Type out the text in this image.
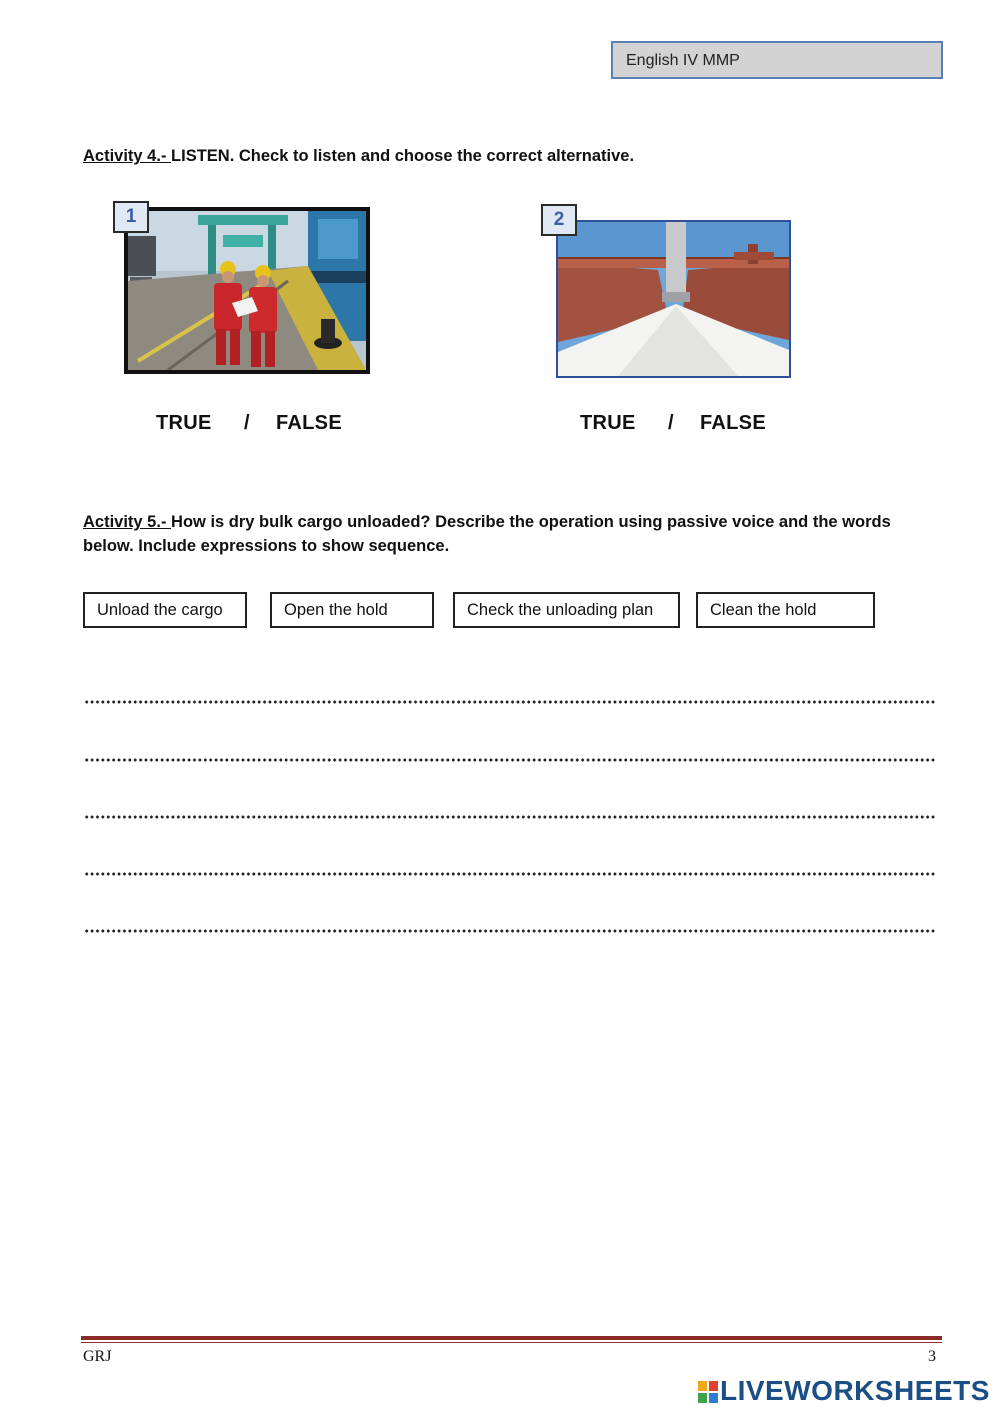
English IV MMP
Activity 4.- LISTEN. Check to listen and choose the correct alternative.
1	2
TRUE / FALSE	TRUE / FALSE
Activity 5.- How is dry bulk cargo unloaded? Describe the operation using passive voice and the words below. Include expressions to show sequence.
Unload the cargo	Open the hold	Check the unloading plan	Clean the hold
GRJ	3
LIVEWORKSHEETS
